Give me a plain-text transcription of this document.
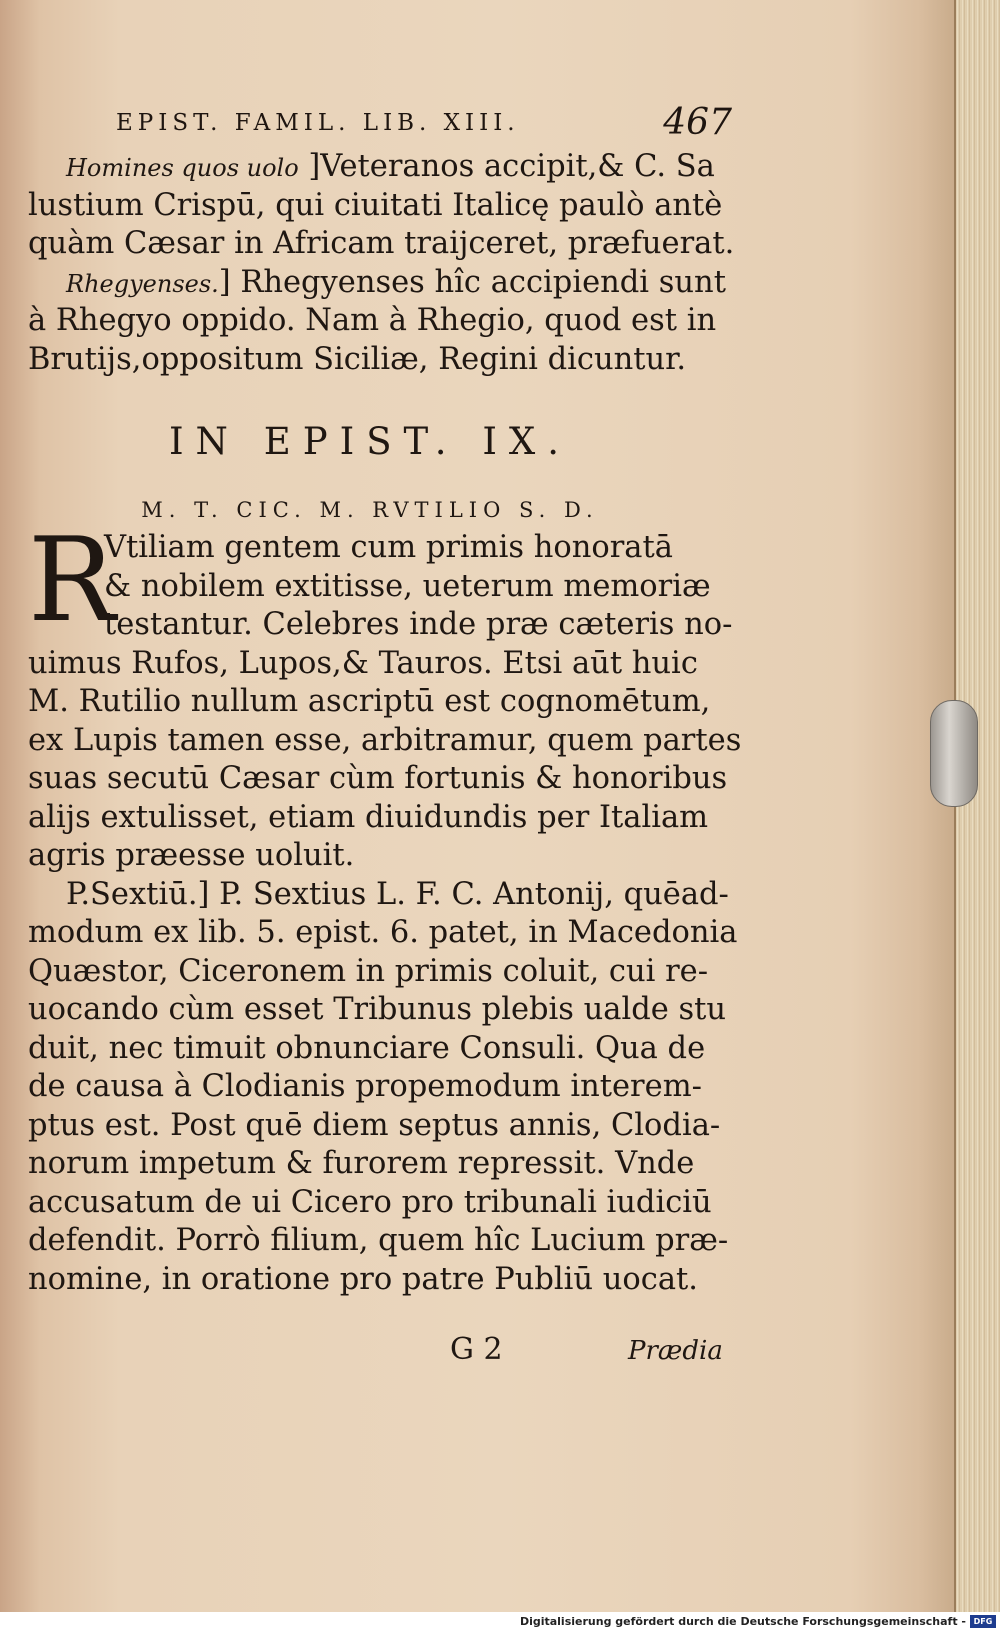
EPIST. FAMIL. LIB. XIII.	467
Homines quos uolo ]Veteranos accipit,& C. Sa
lustium Crispū, qui ciuitati Italicę paulò antè
quàm Cæsar in Africam traijceret, præfuerat.
Rhegyenses.] Rhegyenses hîc accipiendi sunt
à Rhegyo oppido. Nam à Rhegio, quod est in
Brutijs,oppositum Siciliæ, Regini dicuntur.
IN EPIST. IX.
M. T. CIC. M. RVTILIO S. D.
R
Vtiliam gentem cum primis honoratā
& nobilem extitisse, ueterum memoriæ
testantur. Celebres inde præ cæteris no-
uimus Rufos, Lupos,& Tauros. Etsi aūt huic
M. Rutilio nullum ascriptū est cognomētum,
ex Lupis tamen esse, arbitramur, quem partes
suas secutū Cæsar cùm fortunis & honoribus
alijs extulisset, etiam diuidundis per Italiam
agris præesse uoluit.
P.Sextiū.] P. Sextius L. F. C. Antonij, quēad-
modum ex lib. 5. epist. 6. patet, in Macedonia
Quæstor, Ciceronem in primis coluit, cui re-
uocando cùm esset Tribunus plebis ualde stu
duit, nec timuit obnunciare Consuli. Qua de
de causa à Clodianis propemodum interem-
ptus est. Post quē diem septus annis, Clodia-
norum impetum & furorem repressit. Vnde
accusatum de ui Cicero pro tribunali iudiciū
defendit. Porrò filium, quem hîc Lucium præ-
nomine, in oratione pro patre Publiū uocat.
G 2	Prædia
Digitalisierung gefördert durch die Deutsche Forschungsgemeinschaft - DFG
